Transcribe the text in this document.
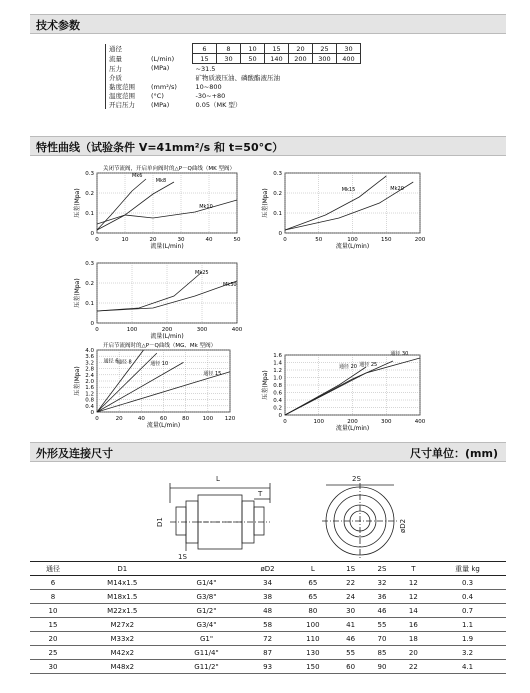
技术参数
通径		6	8	10	15	20	25	30
流量	(L/min)	15	30	50	140	200	300	400
压力	(MPa)	~31.5						
介质		矿物质液压油、磷酸酯液压油						
黏度范围	(mm²/s)	10~800						
温度范围	(°C)	-30~+80						
开启压力	(MPa)	0.05（MK 型）						
特性曲线（试验条件 V=41mm²/s 和 t=50°C）
0.3
0.2
0.1
0
0	10	20	30	40	50
压差(Mpa)
流量(L/min)
关闭节流阀，开启单向阀时的△P－Q曲线（MK 型阀）
Mk6
Mk8
Mk10
0.3
0.2
0.1
0
0	50	100	150	200
压差(Mpa)
流量(L/min)
Mk15	Mk20
0.3
0.2
0.1
0
0	100	200	300	400
压差(Mpa)
流量(L/min)
Mk25
Mk30
4.0
3.6
3.2
2.8
2.4
2.0
1.6
1.2
0.8
0.4
0
0	20	40	60	80 100 120
压差(Mpa)
流量(L/min)
开启节流阀时的△P－Q曲线（MG、Mk 型阀）
通径 6
通径 8	通径 10
通径 15
1.6
1.4
1.2
1.0
0.8
0.6
0.4
0.2
0
0	100	200	300	400
压差(Mpa)
流量(L/min)
通径 20 通径 25
通径 30
外形及连接尺寸	尺寸单位：(mm)
L
T
D1
1S
2S
øD2
通径	D1		øD2	L	1S	2S	T	重量 kg
6	M14x1.5	G1/4"	34	65	22	32	12	0.3
8	M18x1.5	G3/8"	38	65	24	36	12	0.4
10	M22x1.5	G1/2"	48	80	30	46	14	0.7
15	M27x2	G3/4"	58	100	41	55	16	1.1
20	M33x2	G1"	72	110	46	70	18	1.9
25	M42x2	G11/4"	87	130	55	85	20	3.2
30	M48x2	G11/2"	93	150	60	90	22	4.1
